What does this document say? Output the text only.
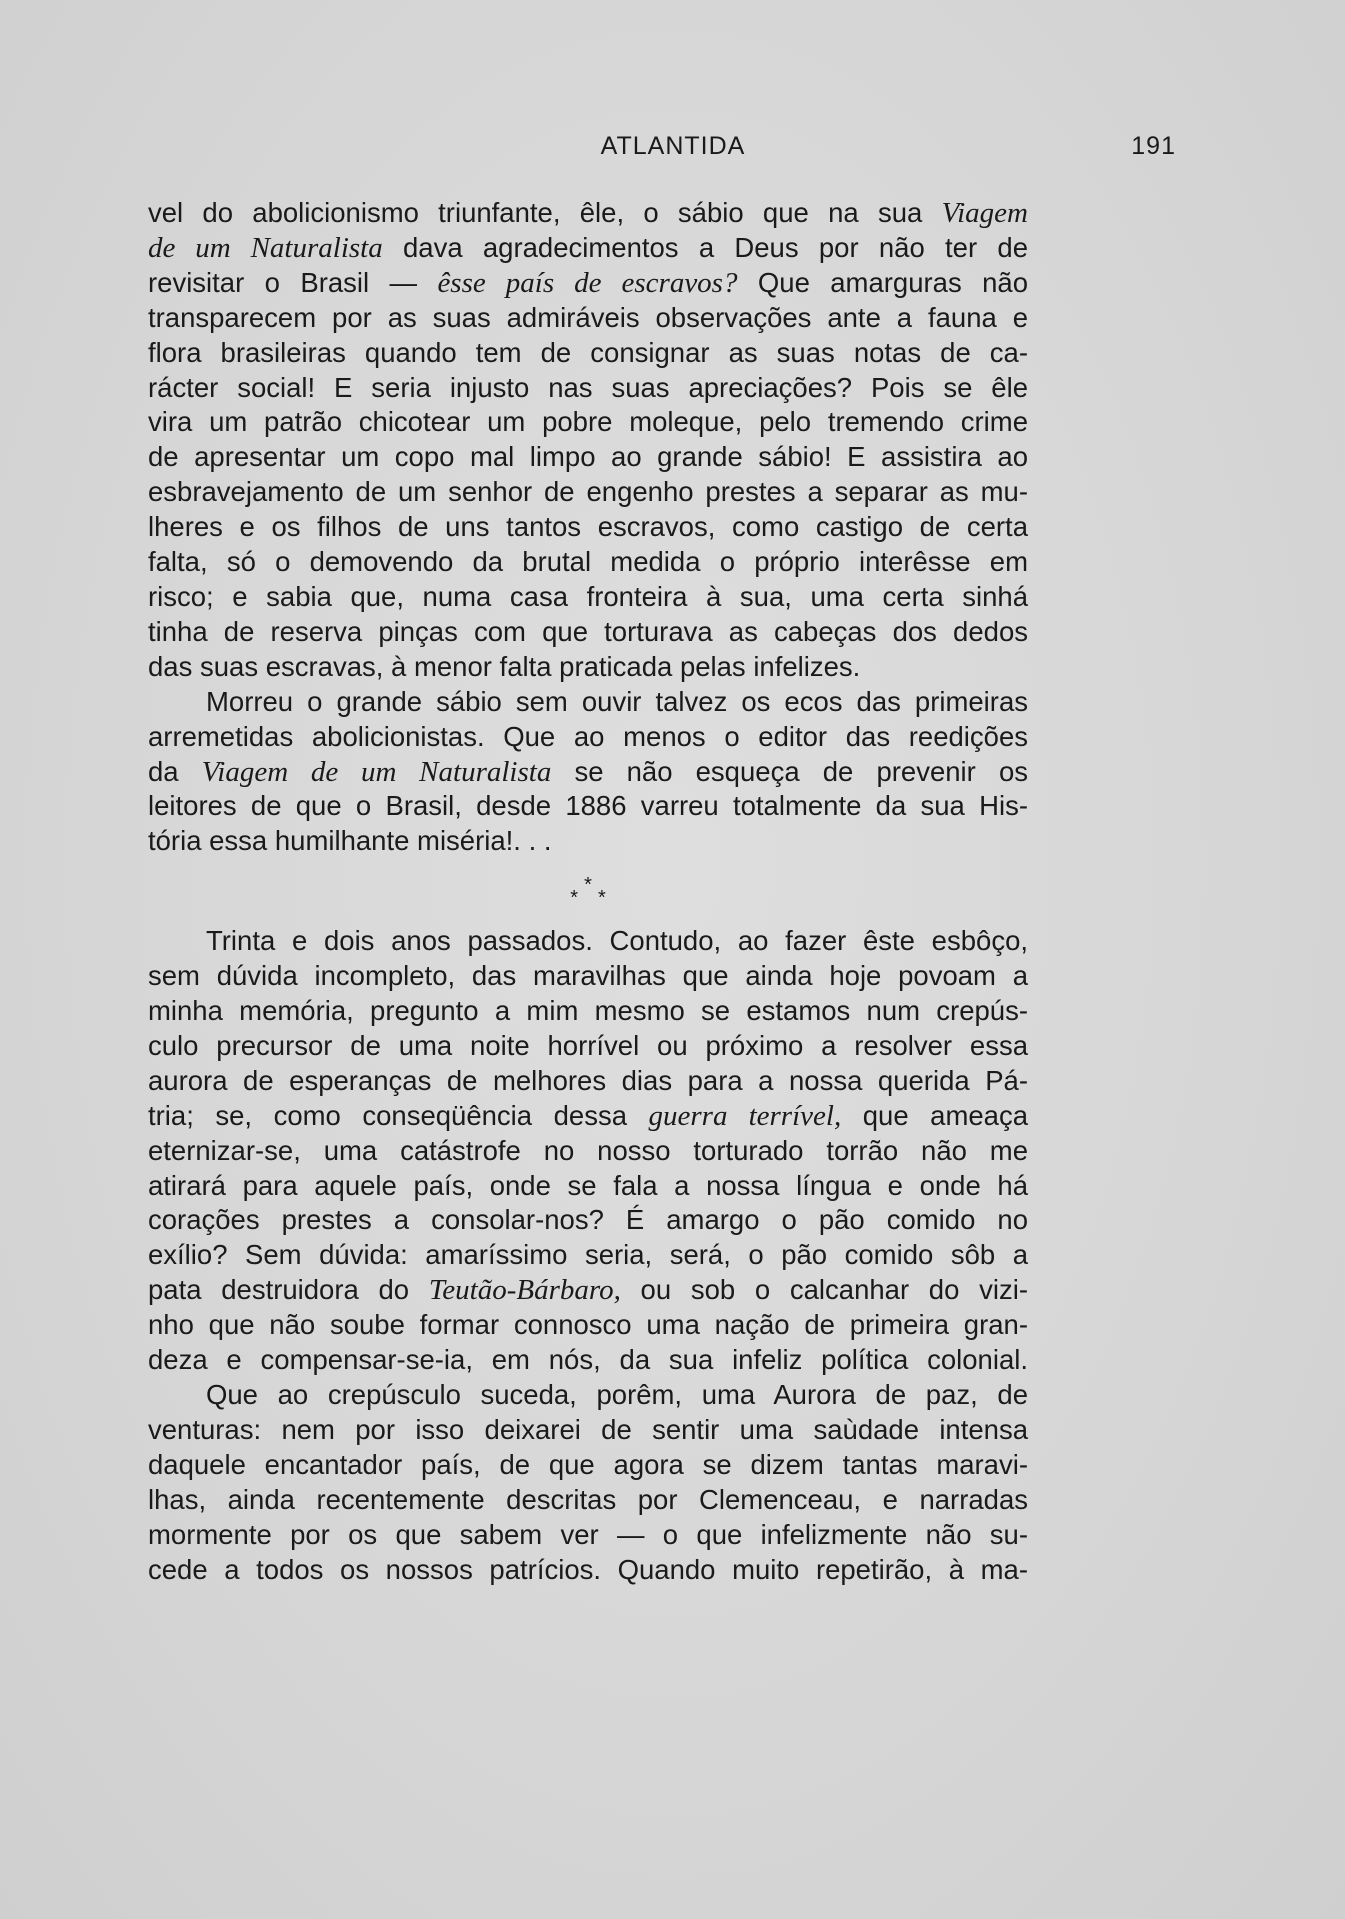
ATLANTIDA	191
vel do abolicionismo triunfante, êle, o sábio que na sua Viagem
de um Naturalista dava agradecimentos a Deus por não ter de
revisitar o Brasil — êsse país de escravos? Que amarguras não
transparecem por as suas admiráveis observações ante a fauna e
flora brasileiras quando tem de consignar as suas notas de ca-
rácter social! E seria injusto nas suas apreciações? Pois se êle
vira um patrão chicotear um pobre moleque, pelo tremendo crime
de apresentar um copo mal limpo ao grande sábio! E assistira ao
esbravejamento de um senhor de engenho prestes a separar as mu-
lheres e os filhos de uns tantos escravos, como castigo de certa
falta, só o demovendo da brutal medida o próprio interêsse em
risco; e sabia que, numa casa fronteira à sua, uma certa sinhá
tinha de reserva pinças com que torturava as cabeças dos dedos
das suas escravas, à menor falta praticada pelas infelizes.
Morreu o grande sábio sem ouvir talvez os ecos das primeiras
arremetidas abolicionistas. Que ao menos o editor das reedições
da Viagem de um Naturalista se não esqueça de prevenir os
leitores de que o Brasil, desde 1886 varreu totalmente da sua His-
tória essa humilhante miséria!. . .
*
*  *
Trinta e dois anos passados. Contudo, ao fazer êste esbôço,
sem dúvida incompleto, das maravilhas que ainda hoje povoam a
minha memória, pregunto a mim mesmo se estamos num crepús-
culo precursor de uma noite horrível ou próximo a resolver essa
aurora de esperanças de melhores dias para a nossa querida Pá-
tria; se, como conseqüência dessa guerra terrível, que ameaça
eternizar-se, uma catástrofe no nosso torturado torrão não me
atirará para aquele país, onde se fala a nossa língua e onde há
corações prestes a consolar-nos? É amargo o pão comido no
exílio? Sem dúvida: amaríssimo seria, será, o pão comido sôb a
pata destruidora do Teutão-Bárbaro, ou sob o calcanhar do vizi-
nho que não soube formar connosco uma nação de primeira gran-
deza e compensar-se-ia, em nós, da sua infeliz política colonial.
Que ao crepúsculo suceda, porêm, uma Aurora de paz, de
venturas: nem por isso deixarei de sentir uma saùdade intensa
daquele encantador país, de que agora se dizem tantas maravi-
lhas, ainda recentemente descritas por Clemenceau, e narradas
mormente por os que sabem ver — o que infelizmente não su-
cede a todos os nossos patrícios. Quando muito repetirão, à ma-
